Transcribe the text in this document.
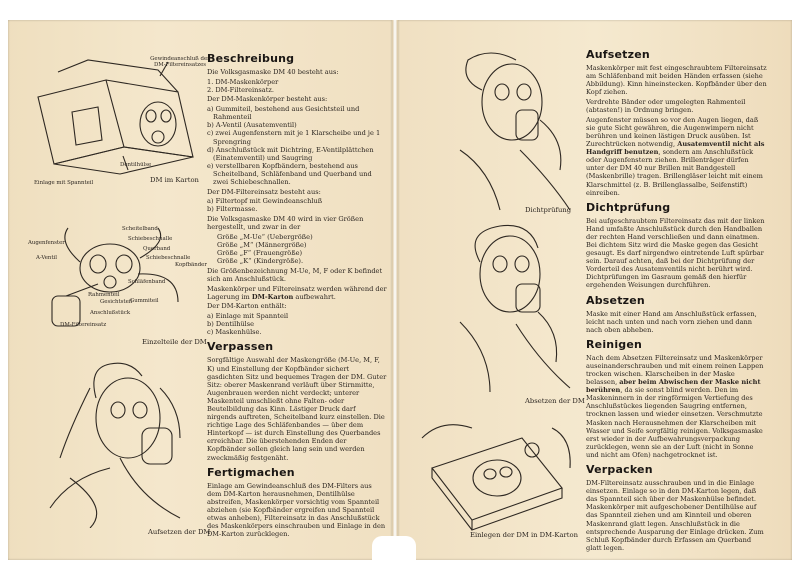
Gewindeanschluß des DM-Filtereinsatzes
Dentilhülse
Einlage mit Spannteil	DM im Karton
Scheitelband
Schiebeschnalle
Querband
Schiebeschnalle
Augenfenster
A-Ventil
Schläfenband
Kopfbänder
Rahmenteil
Gesichtsteil
Gummiteil
Anschlußstück
DM-Filtereinsatz
Einzelteile der DM
Aufsetzen der DM
Beschreibung

Die Volksgasmaske DM 40 besteht aus:

1. DM-Maskenkörper
2. DM-Filtereinsatz.

Der DM-Maskenkörper besteht aus:

a) Gummiteil, bestehend aus Gesichtsteil und Rahmenteil
b) A-Ventil (Ausatemventil)
c) zwei Augenfenstern mit je 1 Klarscheibe und je 1 Sprengring
d) Anschlußstück mit Dichtring, E-Ventilplättchen (Einatemventil) und Saugring
e) verstellbaren Kopfbändern, bestehend aus Scheitelband, Schläfenband und Querband und zwei Schiebeschnallen.

Der DM-Filtereinsatz besteht aus:

a) Filtertopf mit Gewindeanschluß
b) Filtermasse.

Die Volksgasmaske DM 40 wird in vier Größen hergestellt, und zwar in der

Größe „M-Ue“ (Uebergröße)
Größe „M“ (Männergröße)
Größe „F“ (Frauengröße)
Größe „K“ (Kindergröße).

Die Größenbezeichnung M-Ue, M, F oder K befindet sich am Anschlußstück.

Maskenkörper und Filtereinsatz werden während der Lagerung im DM-Karton aufbewahrt.

Der DM-Karton enthält:

a) Einlage mit Spannteil
b) Dentilhülse
c) Maskenhülse.
Verpassen

Sorgfältige Auswahl der Maskengröße (M-Ue, M, F, K) und Einstellung der Kopfbänder sichert gasdichten Sitz und bequemes Tragen der DM. Guter Sitz: oberer Maskenrand verläuft über Stirnmitte, Augenbrauen werden nicht verdeckt; unterer Maskenteil umschließt ohne Falten- oder Beutelbildung das Kinn. Lästiger Druck darf nirgends auftreten, Scheitelband kurz einstellen. Die richtige Lage des Schläfenbandes — über dem Hinterkopf — ist durch Einstellung des Querbandes erreichbar. Die überstehenden Enden der Kopfbänder sollen gleich lang sein und werden zweckmäßig festgenäht.

Fertigmachen

Einlage am Gewindeanschluß des DM-Filters aus dem DM-Karton herausnehmen, Dentilhülse abstreifen, Maskenkörper vorsichtig vom Spannteil abziehen (sie Kopfbänder ergreifen und Spannteil etwas anheben), Filtereinsatz in das Anschlußstück des Maskenkörpers einschrauben und Einlage in den DM-Karton zurücklegen.

Dichtprüfung
Absetzen der DM
Einlegen der DM in DM-Karton
Aufsetzen

Maskenkörper mit fest eingeschraubtem Filtereinsatz am Schläfenband mit beiden Händen erfassen (siehe Abbildung). Kinn hineinstecken. Kopfbänder über den Kopf ziehen.

Verdrehte Bänder oder umgelegten Rahmenteil (abtasten!) in Ordnung bringen.

Augenfenster müssen so vor den Augen liegen, daß sie gute Sicht gewähren, die Augenwimpern nicht berühren und keinen lästigen Druck ausüben. Ist Zurechtrücken notwendig, Ausatemventil nicht als Handgriff benutzen, sondern am Anschlußstück oder Augenfenstern ziehen. Brillenträger dürfen unter der DM 40 nur Brillen mit Bandgestell (Maskenbrille) tragen. Brillengläser leicht mit einem Klarschmittel (z. B. Brillenglassalbe, Seifenstift) einreiben.

Dichtprüfung

Bei aufgeschraubtem Filtereinsatz das mit der linken Hand umfaßte Anschlußstück durch den Handballen der rechten Hand verschließen und dann einatmen. Bei dichtem Sitz wird die Maske gegen das Gesicht gesaugt. Es darf nirgendwo eintretende Luft spürbar sein. Darauf achten, daß bei der Dichtprüfung der Vorderteil des Ausatemventils nicht berührt wird. Dichtprüfungen im Gasraum gemäß den hierfür ergehenden Weisungen durchführen.

Absetzen

Maske mit einer Hand am Anschlußstück erfassen, leicht nach unten und nach vorn ziehen und dann nach oben abheben.

Reinigen

Nach dem Absetzen Filtereinsatz und Maskenkörper auseinanderschrauben und mit einem reinen Lappen trocken wischen. Klarscheiben in der Maske belassen, aber beim Abwischen der Maske nicht berühren, da sie sonst blind werden. Den im Maskeninnern in der ringförmigen Vertiefung des Anschlußstückes liegenden Saugring entfernen, trocknen lassen und wieder einsetzen. Verschmutzte Masken nach Herausnehmen der Klarscheiben mit Wasser und Seife sorgfältig reinigen. Volksgasmaske erst wieder in der Aufbewahrungsverpackung zurücklegen, wenn sie an der Luft (nicht in Sonne und nicht am Ofen) nachgetrocknet ist.

Verpacken

DM-Filtereinsatz ausschrauben und in die Einlage einsetzen. Einlage so in den DM-Karton legen, daß das Spannteil sich über der Maskenhülse befindet. Maskenkörper mit aufgeschobener Dentilhülse auf das Spannteil ziehen und am Kinnteil und oberen Maskenrand glatt legen. Anschlußstück in die entsprechende Ausparung der Einlage drücken. Zum Schluß Kopfbänder durch Erfassen am Querband glatt legen.
